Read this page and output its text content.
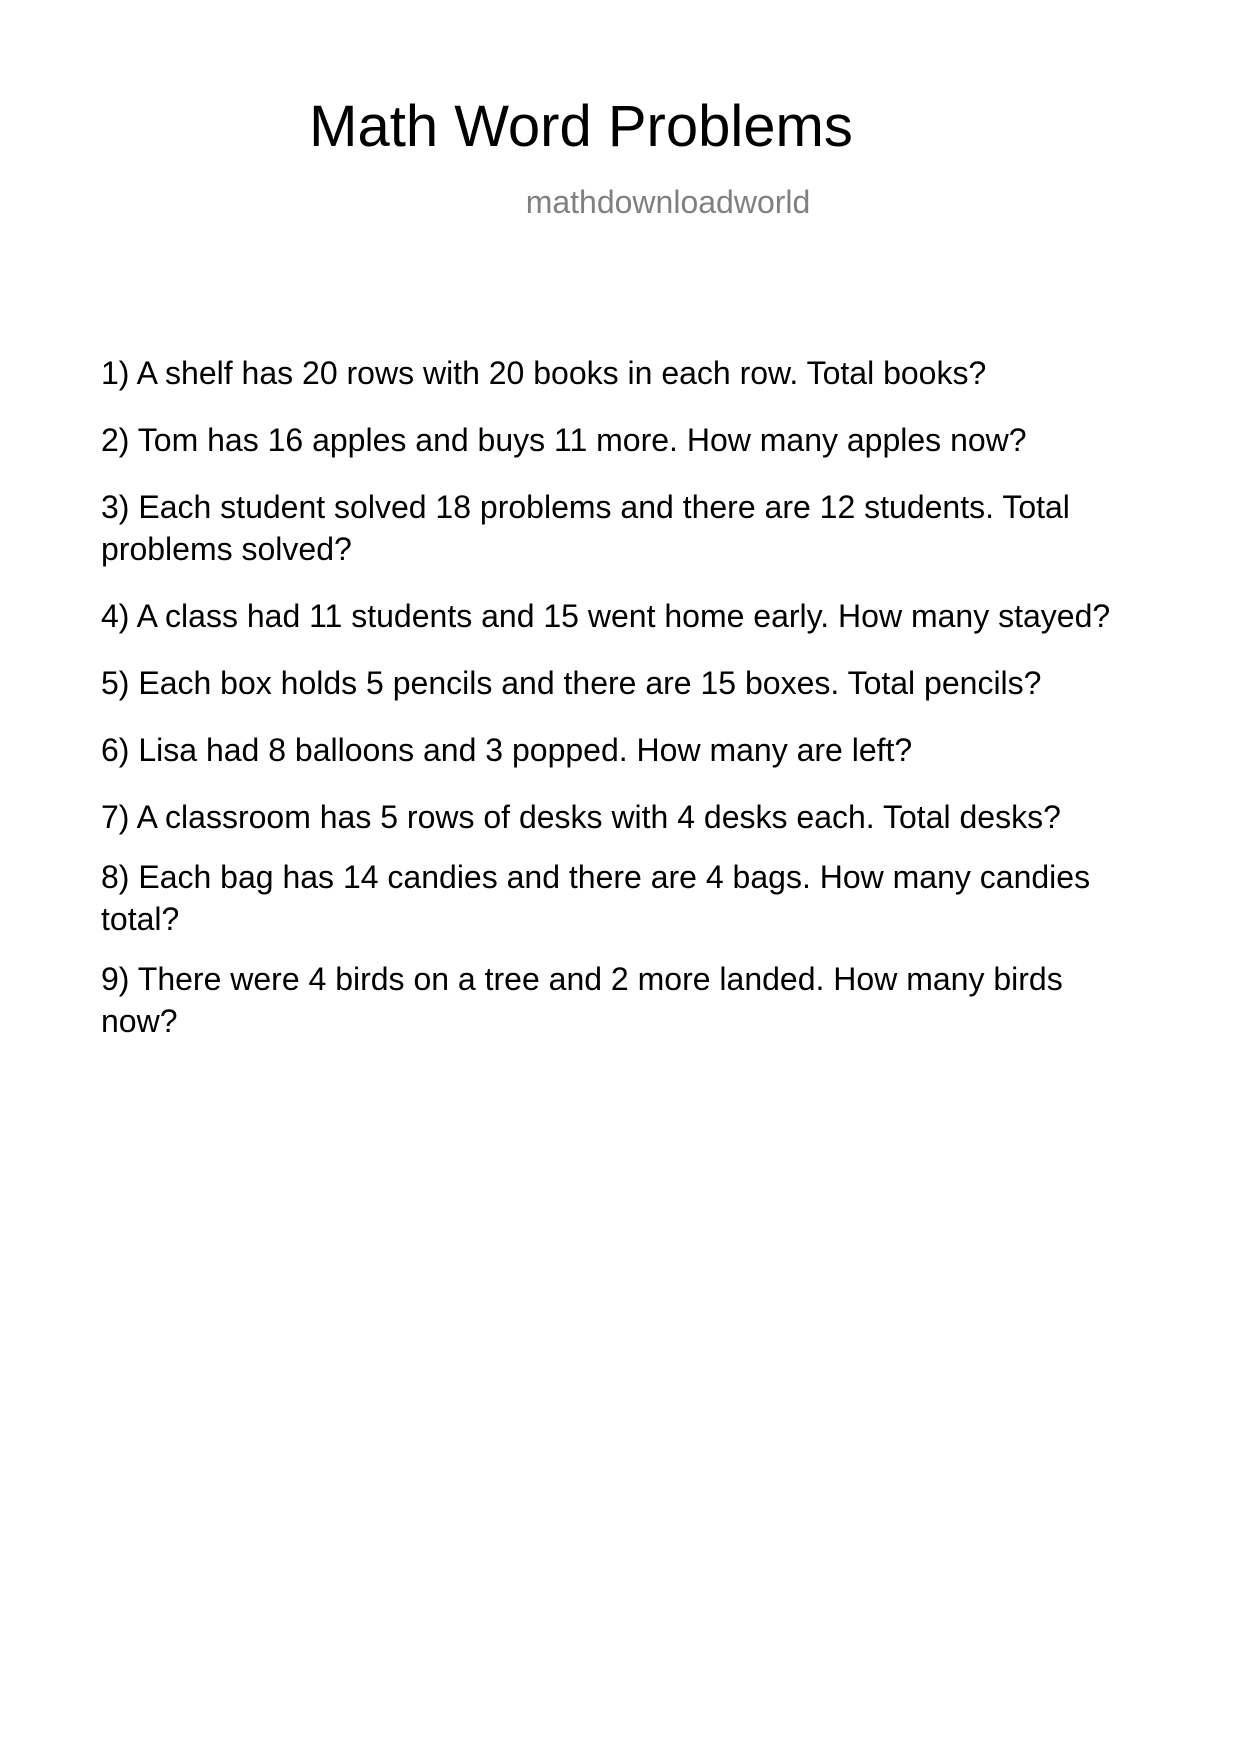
Math Word Problems

mathdownloadworld

1) A shelf has 20 rows with 20 books in each row. Total books?
2) Tom has 16 apples and buys 11 more. How many apples now?
3) Each student solved 18 problems and there are 12 students. Total problems solved?
4) A class had 11 students and 15 went home early. How many stayed?
5) Each box holds 5 pencils and there are 15 boxes. Total pencils?
6) Lisa had 8 balloons and 3 popped. How many are left?
7) A classroom has 5 rows of desks with 4 desks each. Total desks?
8) Each bag has 14 candies and there are 4 bags. How many candies total?
9) There were 4 birds on a tree and 2 more landed. How many birds now?
